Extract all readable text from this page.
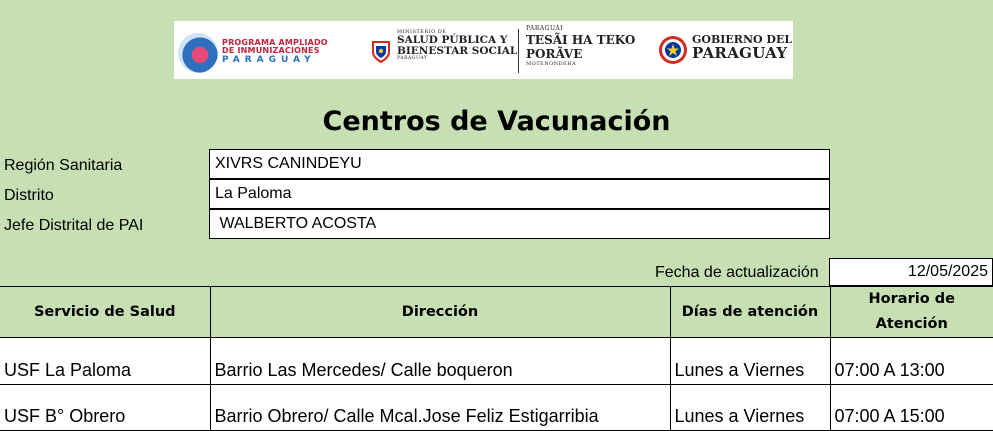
PROGRAMA AMPLIADO
DE INMUNIZACIONES
PARAGUAY
MINISTERIO DE
SALUD PÚBLICA Y
BIENESTAR SOCIAL
PARAGUAY
PARAGUÁI
TESÃI HA TEKO
PORÃVE
MOTENONDEHA
GOBIERNO DEL
PARAGUAY
Centros de Vacunación
Región Sanitaria	XIVRS CANINDEYU
Distrito	La Paloma
Jefe Distrital de PAI	WALBERTO ACOSTA
Fecha de actualización	12/05/2025
Servicio de Salud	Dirección	Días de atención	Horario de
Atención
USF La Paloma	Barrio Las Mercedes/ Calle boqueron	Lunes a Viernes	07:00 A 13:00
USF B° Obrero	Barrio Obrero/ Calle Mcal.Jose Feliz Estigarribia	Lunes a Viernes	07:00 A 15:00
